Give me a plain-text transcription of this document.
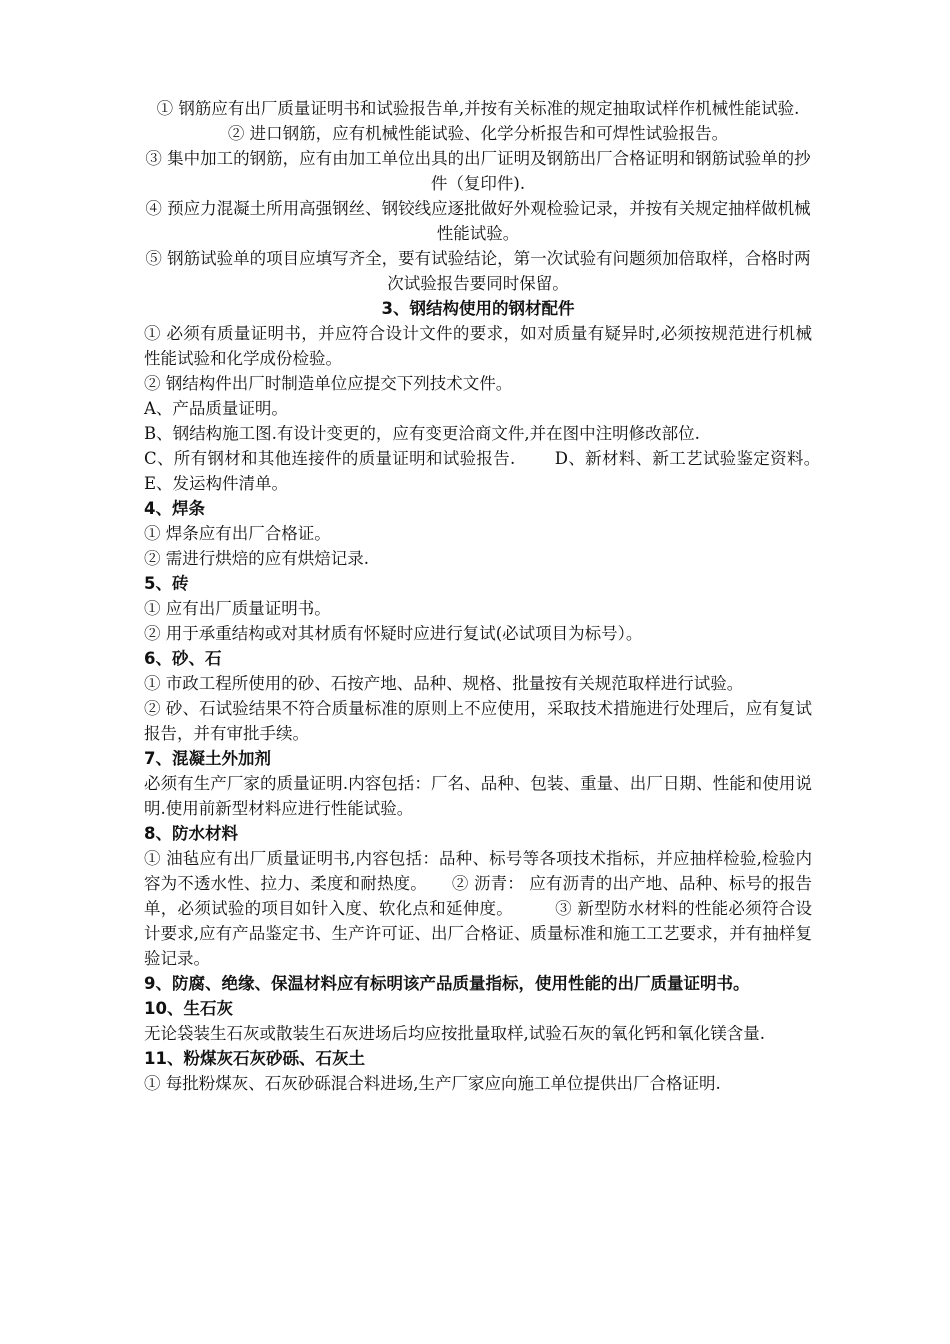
① 钢筋应有出厂质量证明书和试验报告单,并按有关标准的规定抽取试样作机械性能试验.

② 进口钢筋，应有机械性能试验、化学分析报告和可焊性试验报告。

③ 集中加工的钢筋，应有由加工单位出具的出厂证明及钢筋出厂合格证明和钢筋试验单的抄件（复印件).

④ 预应力混凝土所用高强钢丝、钢铰线应逐批做好外观检验记录，并按有关规定抽样做机械性能试验。

⑤ 钢筋试验单的项目应填写齐全，要有试验结论，第一次试验有问题须加倍取样，合格时两次试验报告要同时保留。

3、钢结构使用的钢材配件

① 必须有质量证明书，并应符合设计文件的要求，如对质量有疑异时,必须按规范进行机械性能试验和化学成份检验。

② 钢结构件出厂时制造单位应提交下列技术文件。

A、产品质量证明。

B、钢结构施工图.有设计变更的，应有变更洽商文件,并在图中注明修改部位.

C、所有钢材和其他连接件的质量证明和试验报告.　　 D、新材料、新工艺试验鉴定资料。　　E、发运构件清单。

4、焊条

① 焊条应有出厂合格证。

② 需进行烘焙的应有烘焙记录.

5、砖

① 应有出厂质量证明书。

② 用于承重结构或对其材质有怀疑时应进行复试(必试项目为标号）。

6、砂、石

① 市政工程所使用的砂、石按产地、品种、规格、批量按有关规范取样进行试验。

② 砂、石试验结果不符合质量标准的原则上不应使用，采取技术措施进行处理后，应有复试报告，并有审批手续。

7、混凝土外加剂

必须有生产厂家的质量证明.内容包括：厂名、品种、包装、重量、出厂日期、性能和使用说明.使用前新型材料应进行性能试验。

8、防水材料

① 油毡应有出厂质量证明书,内容包括：品种、标号等各项技术指标，并应抽样检验,检验内容为不透水性、拉力、柔度和耐热度。　　② 沥青： 应有沥青的出产地、品种、标号的报告单，必须试验的项目如针入度、软化点和延伸度。　　　③ 新型防水材料的性能必须符合设计要求,应有产品鉴定书、生产许可证、出厂合格证、质量标准和施工工艺要求，并有抽样复验记录。

9、防腐、绝缘、保温材料应有标明该产品质量指标，使用性能的出厂质量证明书。

10、生石灰

无论袋装生石灰或散装生石灰进场后均应按批量取样,试验石灰的氧化钙和氧化镁含量.

11、粉煤灰石灰砂砾、石灰土

① 每批粉煤灰、石灰砂砾混合料进场,生产厂家应向施工单位提供出厂合格证明.
